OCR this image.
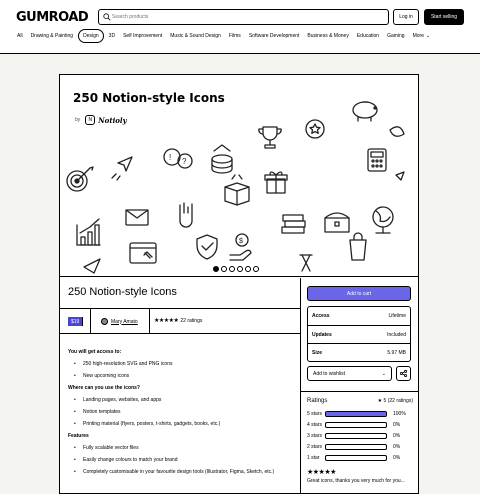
GUMROAD
Search products	Log in	Start selling
All	Drawing & Painting	Design	3D	Self Improvement	Music & Sound Design	Films	Software Development	Business & Money	Education	Gaming	More ⌄
250 Notion-style Icons
by	N Notioly
! ?
$
250 Notion-style Icons
$19	Mary Amato	★★★★★ 22 ratings
You will get access to:
• 250 high-resolution SVG and PNG icons
• New upcoming icons
Where can you use the icons?
• Landing pages, websites, and apps
• Notion templates
• Printing material (flyers, posters, t-shirts, gadgets, books, etc.)
Features
• Fully scalable vector files
• Easily change colours to match your brand
• Completely customisable in your favourite design tools (Illustrator, Figma, Sketch, etc.)
Add to cart
Access	Lifetime
Updates	Included
Size	5.97 MB
Add to wishlist	⌄
Ratings	★ 5 (22 ratings)
5 stars	100%
4 stars	0%
3 stars	0%
2 stars	0%
1 star	0%
★★★★★
Great icons, thanks you very much for you...
